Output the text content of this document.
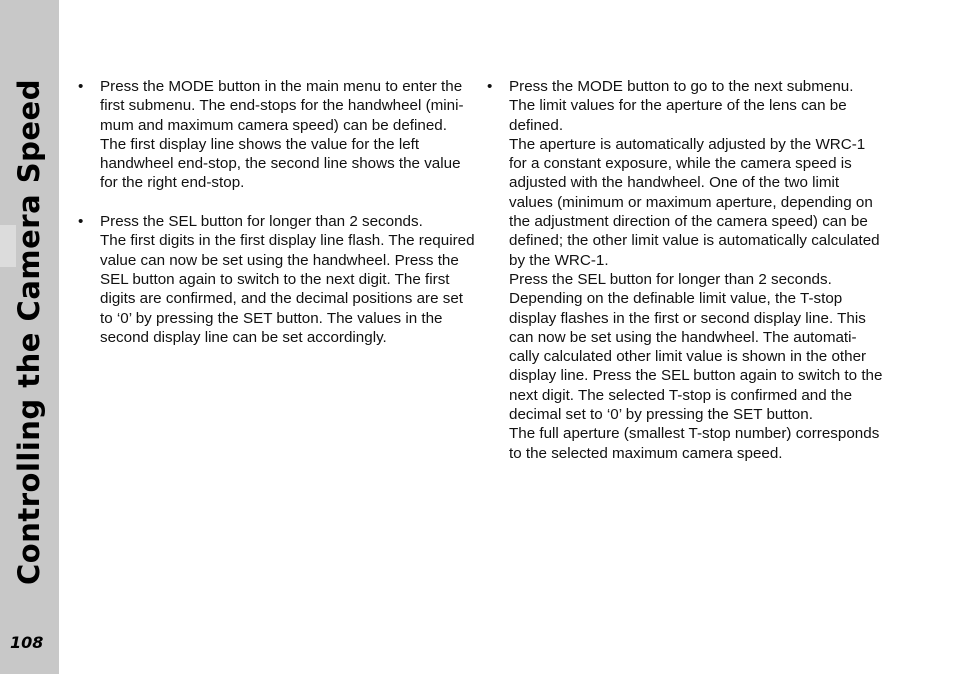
Controlling the Camera Speed
108
• Press the MODE button in the main menu to enter the
first submenu. The end-stops for the handwheel (mini-
mum and maximum camera speed) can be defined.
The first display line shows the value for the left
handwheel end-stop, the second line shows the value
for the right end-stop.
• Press the SEL button for longer than 2 seconds.
The first digits in the first display line flash. The required
value can now be set using the handwheel. Press the
SEL button again to switch to the next digit. The first
digits are confirmed, and the decimal positions are set
to ‘0’ by pressing the SET button. The values in the
second display line can be set accordingly.
• Press the MODE button to go to the next submenu.
The limit values for the aperture of the lens can be
defined.
The aperture is automatically adjusted by the WRC-1
for a constant exposure, while the camera speed is
adjusted with the handwheel. One of the two limit
values (minimum or maximum aperture, depending on
the adjustment direction of the camera speed) can be
defined; the other limit value is automatically calculated
by the WRC-1.
Press the SEL button for longer than 2 seconds.
Depending on the definable limit value, the T-stop
display flashes in the first or second display line. This
can now be set using the handwheel. The automati-
cally calculated other limit value is shown in the other
display line. Press the SEL button again to switch to the
next digit. The selected T-stop is confirmed and the
decimal set to ‘0’ by pressing the SET button.
The full aperture (smallest T-stop number) corresponds
to the selected maximum camera speed.
